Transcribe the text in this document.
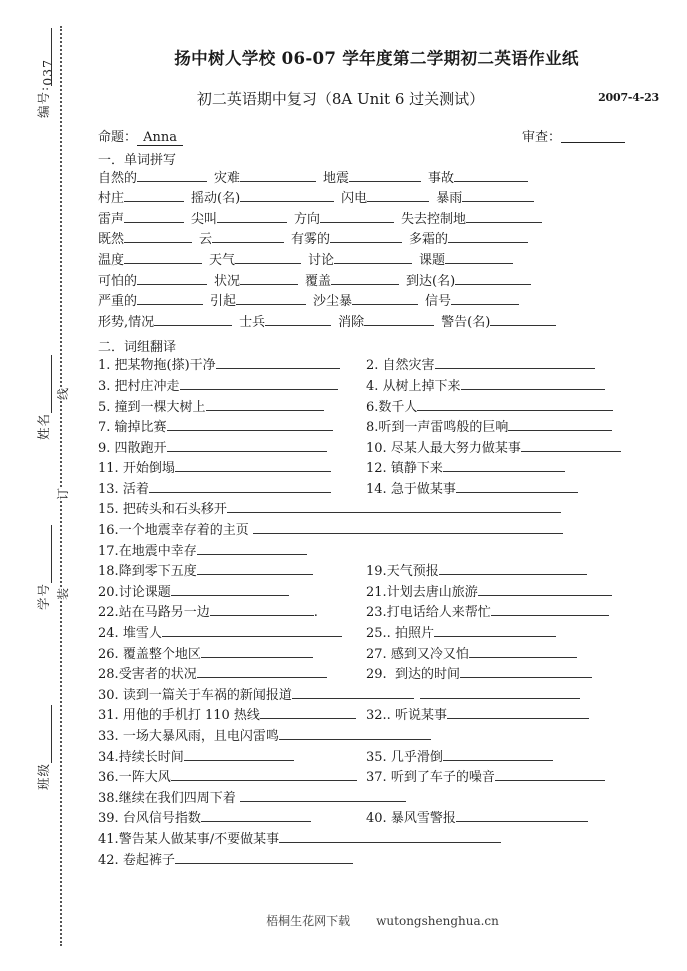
编号:037
姓名
学号
班级
线
订
装
扬中树人学校 06-07 学年度第二学期初二英语作业纸
初二英语期中复习（8A Unit 6 过关测试）	2007-4-23
命题： Anna	审查：
一．单词拼写
自然的	灾难	地震	事故
村庄	摇动(名)	闪电	暴雨
雷声	尖叫	方向	失去控制地
既然	云	有雾的	多霜的
温度	天气	讨论	课题
可怕的	状况	覆盖	到达(名)
严重的	引起	沙尘暴	信号
形势,情况	士兵	消除	警告(名)
二．词组翻译
1. 把某物拖(搽)干净	2. 自然灾害
3. 把村庄冲走	4. 从树上掉下来
5. 撞到一棵大树上	6. 数千人
7. 输掉比赛	8. 听到一声雷鸣般的巨响
9. 四散跑开	10. 尽某人最大努力做某事
11. 开始倒塌	12. 镇静下来
13. 活着	14. 急于做某事
15. 把砖头和石头移开
16. 一个地震幸存着的主页
17. 在地震中幸存
18. 降到零下五度	19. 天气预报
20. 讨论课题	21. 计划去唐山旅游
22. 站在马路另一边	.	23. 打电话给人来帮忙
24. 堆雪人	25.. 拍照片
26. 覆盖整个地区	27. 感到又冷又怕
28. 受害者的状况	29. 到达的时间
30. 读到一篇关于车祸的新闻报道
31. 用他的手机打 110 热线	32.. 听说某事
33. 一场大暴风雨，且电闪雷鸣
34. 持续长时间	35. 几乎滑倒
36. 一阵大风	37. 听到了车子的噪音
38. 继续在我们四周下着
39. 台风信号指数	40. 暴风雪警报
41. 警告某人做某事/不要做某事
42. 卷起裤子
梧桐生花网下载 wutongshenghua.cn
